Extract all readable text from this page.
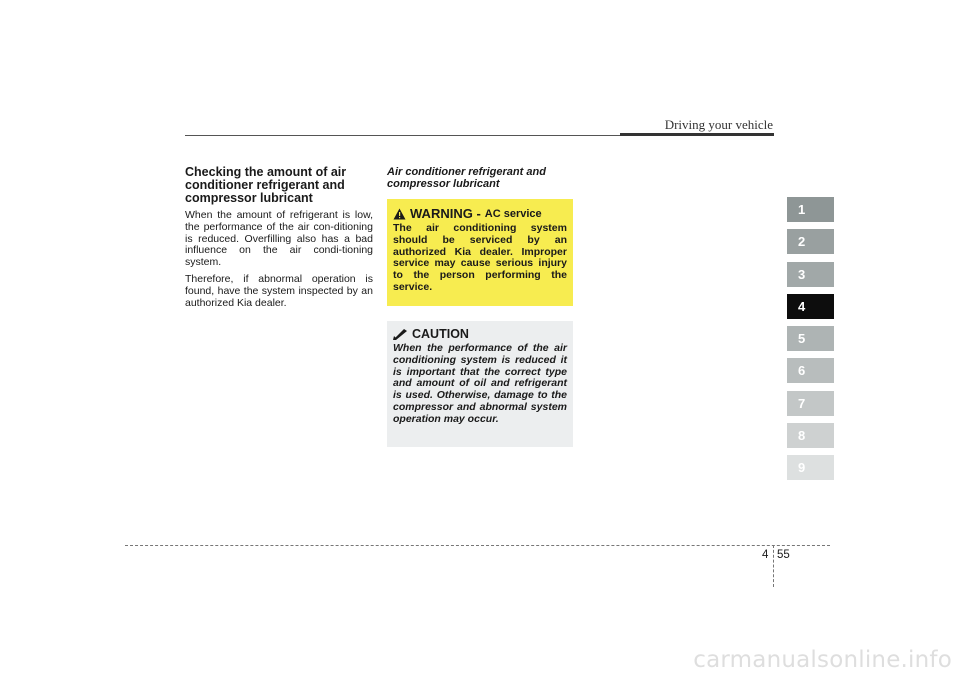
Driving your vehicle
Checking the amount of air conditioner refrigerant and compressor lubricant

When the amount of refrigerant is low, the performance of the air con-ditioning is reduced. Overfilling also has a bad influence on the air condi-tioning system.

Therefore, if abnormal operation is found, have the system inspected by an authorized Kia dealer.

Air conditioner refrigerant and compressor lubricant
WARNING - AC service
The air conditioning system should be serviced by an authorized Kia dealer. Improper service may cause serious injury to the person performing the service.
CAUTION
When the performance of the air conditioning system is reduced it is important that the correct type and amount of oil and refrigerant is used. Otherwise, damage to the compressor and abnormal system operation may occur.
1
2
3
4
5
6
7
8
9
4 55
carmanualsonline.info
